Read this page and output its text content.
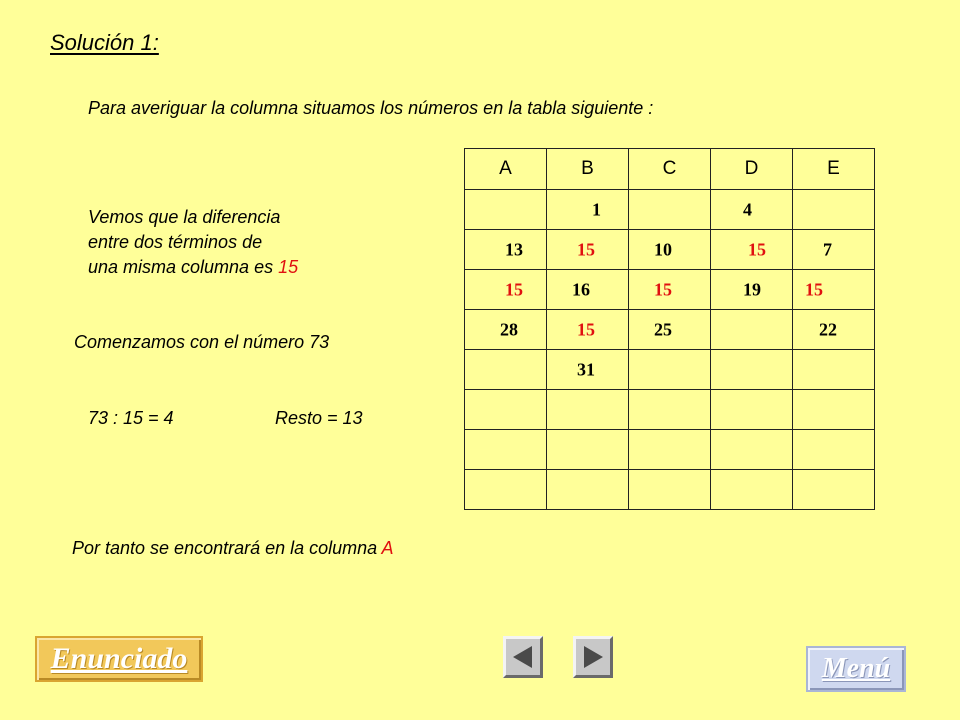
Solución 1:
Para averiguar la columna situamos los números en la tabla siguiente :
Vemos que la diferencia
entre dos términos de
una misma columna es 15
Comenzamos con el número 73
73 : 15 = 4	Resto = 13
Por tanto se encontrará en la columna A
A	B	C	D	E

	1		4	

13	15	10	15	7

15	16	15	19	15

28	15	25		22

	31			

Enunciado	Menú
